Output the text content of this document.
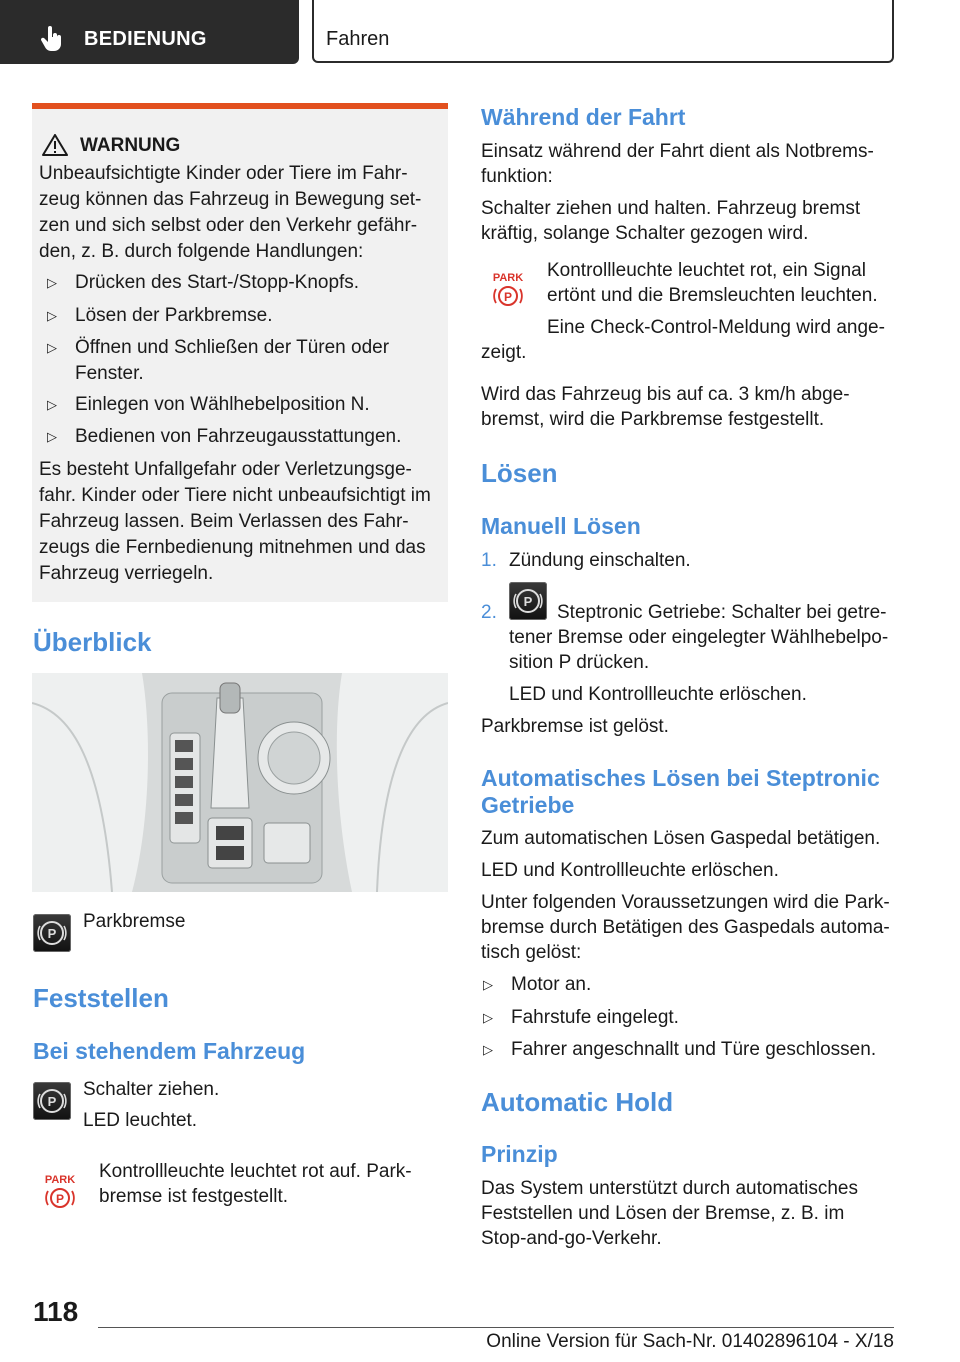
BEDIENUNG	Fahren
WARNUNG
Unbeaufsichtigte Kinder oder Tiere im Fahr-
zeug können das Fahrzeug in Bewegung set-
zen und sich selbst oder den Verkehr gefähr-
den, z. B. durch folgende Handlungen:
▷ Drücken des Start-/Stopp-Knopfs.
▷ Lösen der Parkbremse.
▷ Öffnen und Schließen der Türen oder
Fenster.
▷ Einlegen von Wählhebelposition N.
▷ Bedienen von Fahrzeugausstattungen.
Es besteht Unfallgefahr oder Verletzungsge-
fahr. Kinder oder Tiere nicht unbeaufsichtigt im
Fahrzeug lassen. Beim Verlassen des Fahr-
zeugs die Fernbedienung mitnehmen und das
Fahrzeug verriegeln.
Überblick
P
Parkbremse
Feststellen
Bei stehendem Fahrzeug
P
Schalter ziehen.
LED leuchtet.
PARK
P
Kontrollleuchte leuchtet rot auf. Park-
bremse ist festgestellt.
Während der Fahrt
Einsatz während der Fahrt dient als Notbrems-
funktion:
Schalter ziehen und halten. Fahrzeug bremst
kräftig, solange Schalter gezogen wird.
PARK
P
Kontrollleuchte leuchtet rot, ein Signal
ertönt und die Bremsleuchten leuchten.
Eine Check-Control-Meldung wird ange-
zeigt.
Wird das Fahrzeug bis auf ca. 3 km/h abge-
bremst, wird die Parkbremse festgestellt.
Lösen
Manuell Lösen
1. Zündung einschalten.
2.
P
Steptronic Getriebe: Schalter bei getre-
tener Bremse oder eingelegter Wählhebelpo-
sition P drücken.
LED und Kontrollleuchte erlöschen.
Parkbremse ist gelöst.
Automatisches Lösen bei Steptronic
Getriebe
Zum automatischen Lösen Gaspedal betätigen.
LED und Kontrollleuchte erlöschen.
Unter folgenden Voraussetzungen wird die Park-
bremse durch Betätigen des Gaspedals automa-
tisch gelöst:
▷ Motor an.
▷ Fahrstufe eingelegt.
▷ Fahrer angeschnallt und Türe geschlossen.
Automatic Hold
Prinzip
Das System unterstützt durch automatisches
Feststellen und Lösen der Bremse, z. B. im
Stop-and-go-Verkehr.
118
Online Version für Sach-Nr. 01402896104 - X/18
